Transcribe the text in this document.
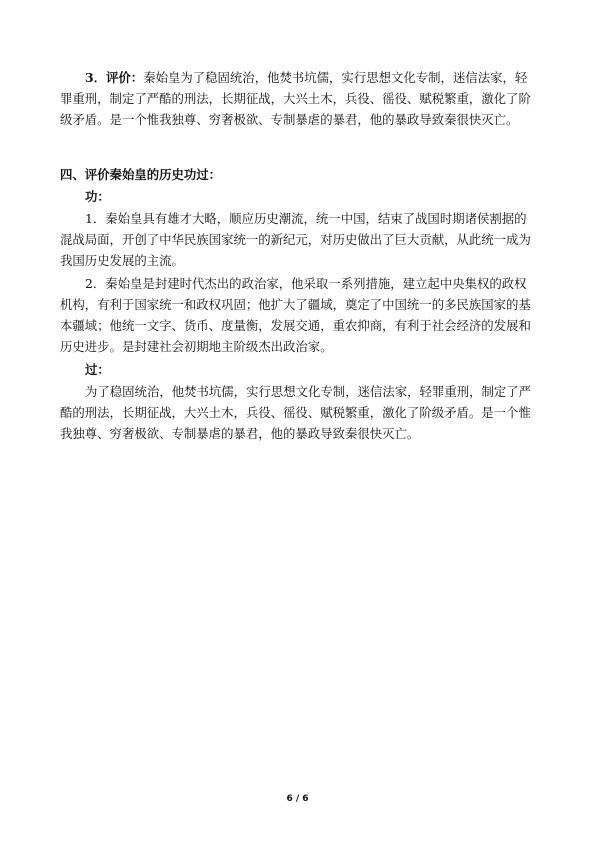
3．评价：秦始皇为了稳固统治，他焚书坑儒，实行思想文化专制，迷信法家，轻罪重刑，制定了严酷的刑法，长期征战，大兴土木，兵役、徭役、赋税繁重，激化了阶级矛盾。是一个惟我独尊、穷奢极欲、专制暴虐的暴君，他的暴政导致秦很快灭亡。
四、评价秦始皇的历史功过：
功：
1．秦始皇具有雄才大略，顺应历史潮流，统一中国，结束了战国时期诸侯割据的混战局面，开创了中华民族国家统一的新纪元，对历史做出了巨大贡献，从此统一成为我国历史发展的主流。
2．秦始皇是封建时代杰出的政治家，他采取一系列措施，建立起中央集权的政权机构，有利于国家统一和政权巩固；他扩大了疆域，奠定了中国统一的多民族国家的基本疆域；他统一文字、货币、度量衡，发展交通，重农抑商，有利于社会经济的发展和历史进步。是封建社会初期地主阶级杰出政治家。
过：
为了稳固统治，他焚书坑儒，实行思想文化专制，迷信法家，轻罪重刑，制定了严酷的刑法，长期征战，大兴土木，兵役、徭役、赋税繁重，激化了阶级矛盾。是一个惟我独尊、穷奢极欲、专制暴虐的暴君，他的暴政导致秦很快灭亡。
6 / 6
